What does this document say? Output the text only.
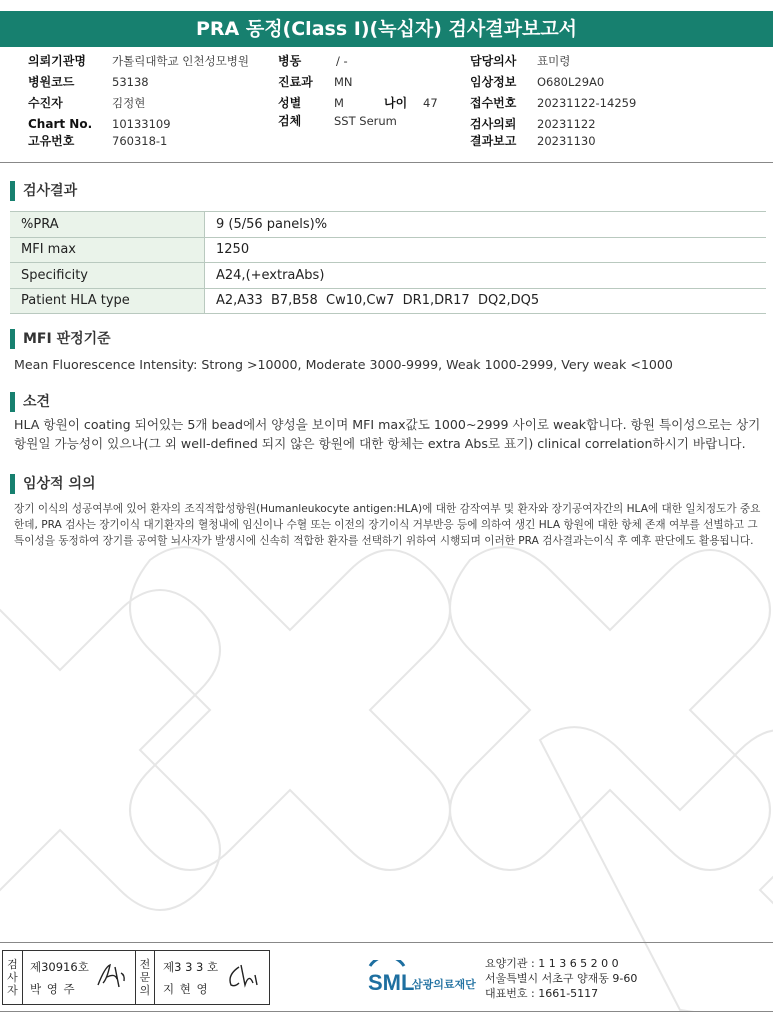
PRA 동정(Class I)(녹십자) 검사결과보고서
의뢰기관명 가톨릭대학교 인천성모병원
병원코드	53138
수진자	김정현
Chart No. 10133109
고유번호	760318-1
병동	/ -
진료과 MN
성별	M	나이 47
검체	SST Serum
담당의사 표미령
임상정보 O680L29A0
접수번호 20231122-14259
검사의뢰 20231122
결과보고 20231130
검사결과
%PRA	9 (5/56 panels)%
MFI max	1250
Specificity	A24,(+extraAbs)
Patient HLA type	A2,A33  B7,B58  Cw10,Cw7  DR1,DR17  DQ2,DQ5
MFI 판정기준
Mean Fluorescence Intensity: Strong >10000, Moderate 3000-9999, Weak 1000-2999, Very weak <1000
소견
HLA 항원이 coating 되어있는 5개 bead에서 양성을 보이며 MFI max값도 1000~2999 사이로 weak합니다. 항원 특이성으로는 상기 항원일 가능성이 있으나(그 외 well-defined 되지 않은 항원에 대한 항체는 extra Abs로 표기) clinical correlation하시기 바랍니다.
임상적 의의
장기 이식의 성공여부에 있어 환자의 조직적합성항원(Humanleukocyte antigen:HLA)에 대한 감작여부 및 환자와 장기공여자간의 HLA에 대한 일치정도가 중요한데, PRA 검사는 장기이식 대기환자의 혈청내에 임신이나 수혈 또는 이전의 장기이식 거부반응 등에 의하여 생긴 HLA 항원에 대한 항체 존재 여부를 선별하고 그 특이성을 동정하여 장기를 공여할 뇌사자가 발생시에 신속히 적합한 환자를 선택하기 위하여 시행되며 이러한 PRA 검사결과는이식 후 예후 판단에도 활용됩니다.
검사자
제30916호
박 영 주
전문의
제3 3 3 호
지 현 영	SML
삼광의료재단
요양기관 : 1 1 3 6 5 2 0 0
서울특별시 서초구 양재동 9-60
대표번호 : 1661-5117
